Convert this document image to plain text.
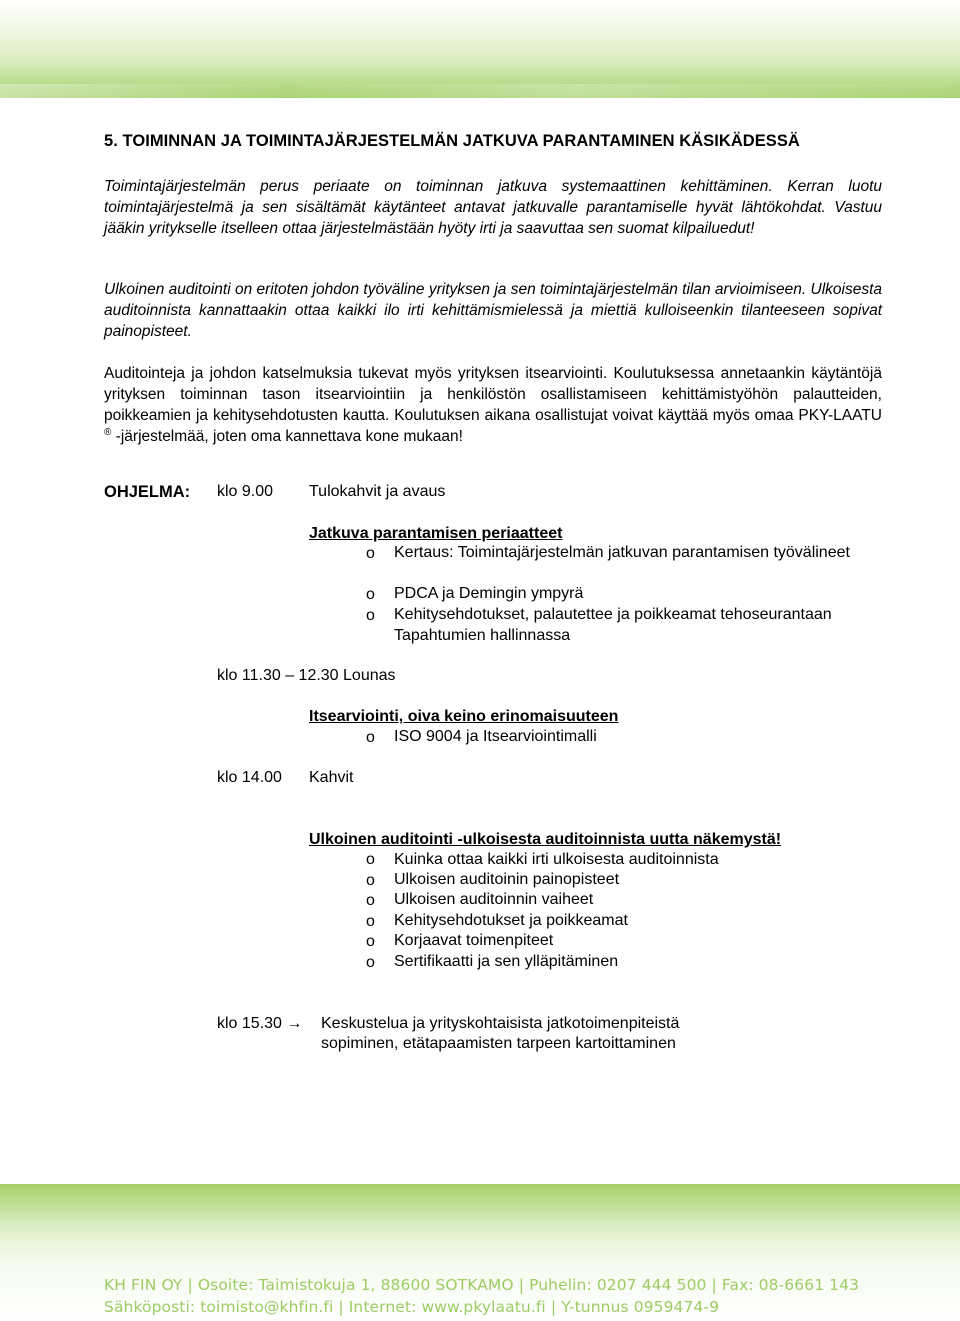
5. TOIMINNAN JA TOIMINTAJÄRJESTELMÄN JATKUVA PARANTAMINEN KÄSIKÄDESSÄ
Toimintajärjestelmän perus periaate on toiminnan jatkuva systemaattinen kehittäminen. Kerran luotu toimintajärjestelmä ja sen sisältämät käytänteet antavat jatkuvalle parantamiselle hyvät lähtökohdat. Vastuu jääkin yritykselle itselleen ottaa järjestelmästään hyöty irti ja saavuttaa sen suomat kilpailuedut!
Ulkoinen auditointi on eritoten johdon työväline yrityksen ja sen toimintajärjestelmän tilan arvioimiseen. Ulkoisesta auditoinnista kannattaakin ottaa kaikki ilo irti kehittämismielessä ja miettiä kulloiseenkin tilanteeseen sopivat painopisteet.
Auditointeja ja johdon katselmuksia tukevat myös yrityksen itsearviointi. Koulutuksessa annetaankin käytäntöjä yrityksen toiminnan tason itsearviointiin ja henkilöstön osallistamiseen kehittämistyöhön palautteiden, poikkeamien ja kehitysehdotusten kautta. Koulutuksen aikana osallistujat voivat käyttää myös omaa PKY-LAATU ® -järjestelmää, joten oma kannettava kone mukaan!
OHJELMA: klo 9.00 Tulokahvit ja avaus
Jatkuva parantamisen periaatteet
o Kertaus: Toimintajärjestelmän jatkuvan parantamisen työvälineet
o PDCA ja Demingin ympyrä
o Kehitysehdotukset, palautettee ja poikkeamat tehoseurantaan Tapahtumien hallinnassa
klo 11.30 – 12.30 Lounas
Itsearviointi, oiva keino erinomaisuuteen
o ISO 9004 ja Itsearviointimalli
klo 14.00 Kahvit
Ulkoinen auditointi -ulkoisesta auditoinnista uutta näkemystä!
o Kuinka ottaa kaikki irti ulkoisesta auditoinnista
o Ulkoisen auditoinin painopisteet
o Ulkoisen auditoinnin vaiheet
o Kehitysehdotukset ja poikkeamat
o Korjaavat toimenpiteet
o Sertifikaatti ja sen ylläpitäminen
klo 15.30 → Keskustelua ja yrityskohtaisista jatkotoimenpiteistä
sopiminen, etätapaamisten tarpeen kartoittaminen
KH FIN OY | Osoite: Taimistokuja 1, 88600 SOTKAMO | Puhelin: 0207 444 500 | Fax: 08-6661 143
Sähköposti: toimisto@khfin.fi | Internet: www.pkylaatu.fi | Y-tunnus 0959474-9
